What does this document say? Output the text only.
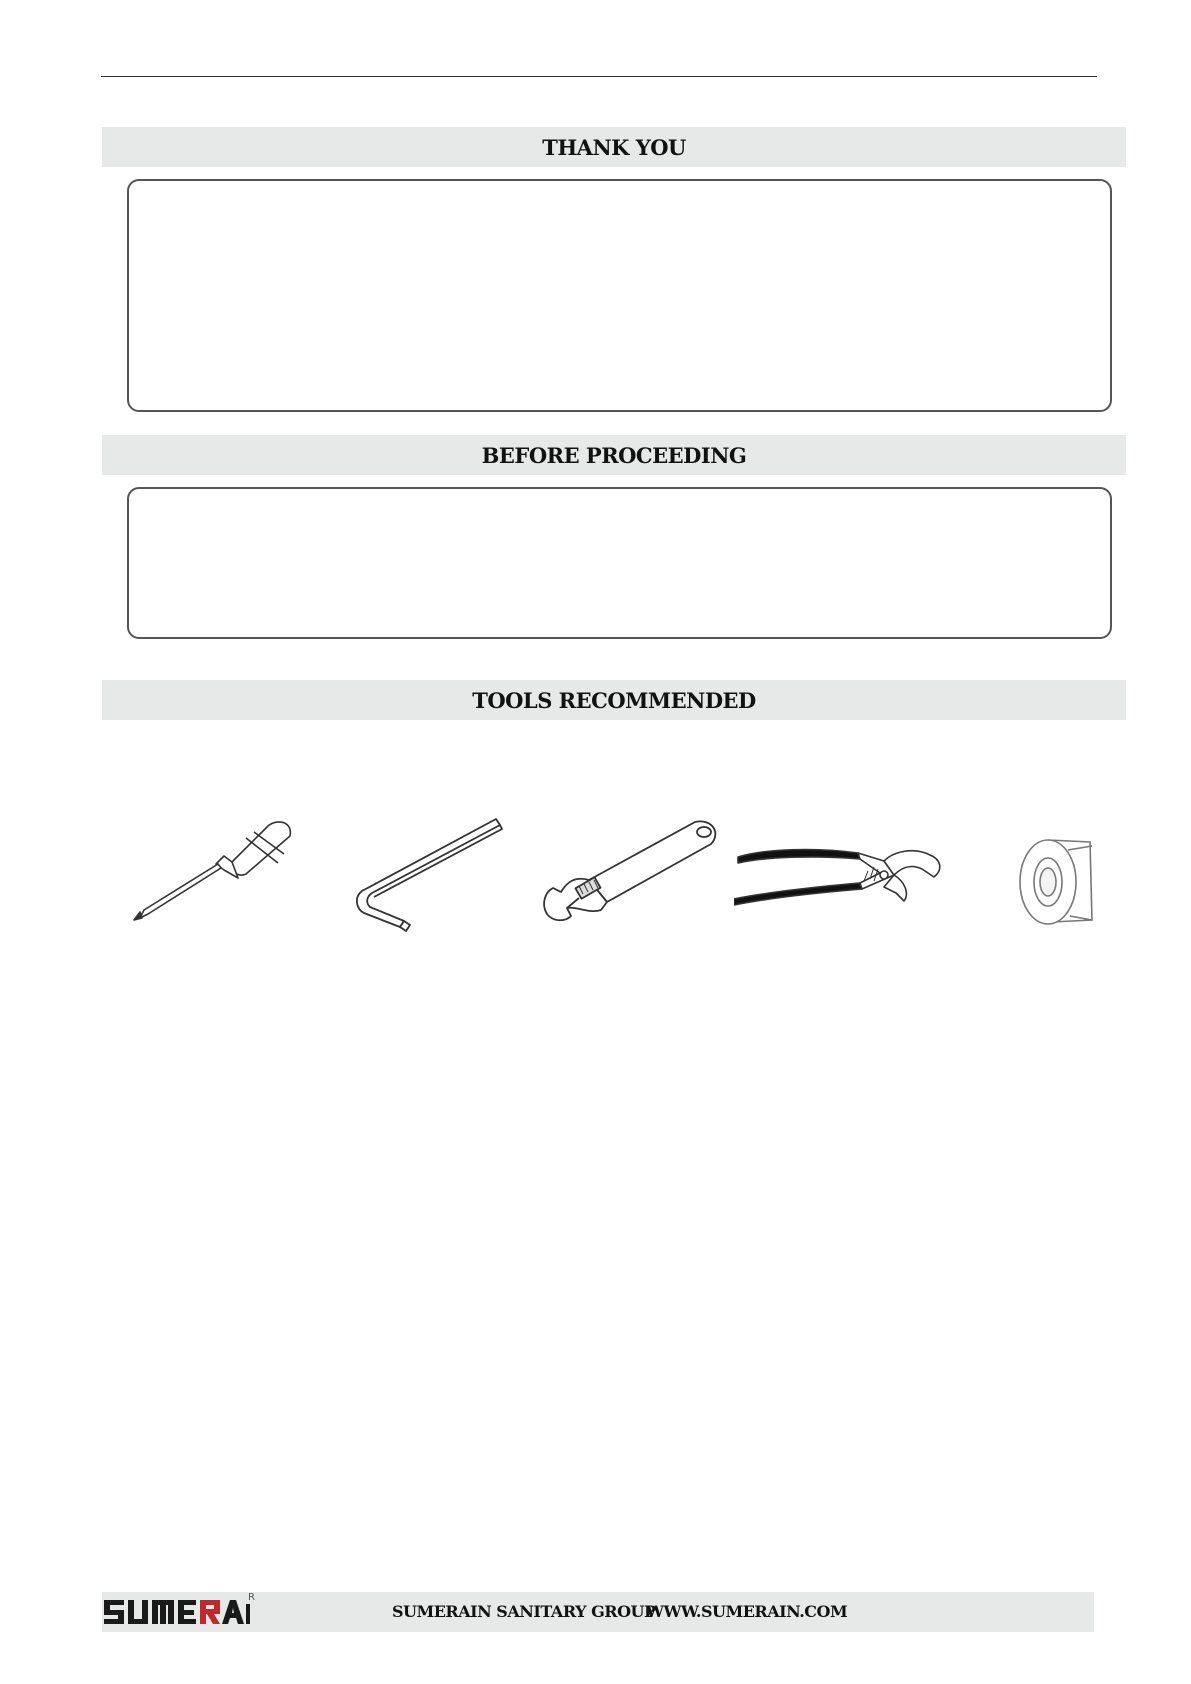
THANK YOU
BEFORE PROCEEDING
TOOLS RECOMMENDED
R
SUMERAIN SANITARY GROUP
WWW.SUMERAIN.COM
